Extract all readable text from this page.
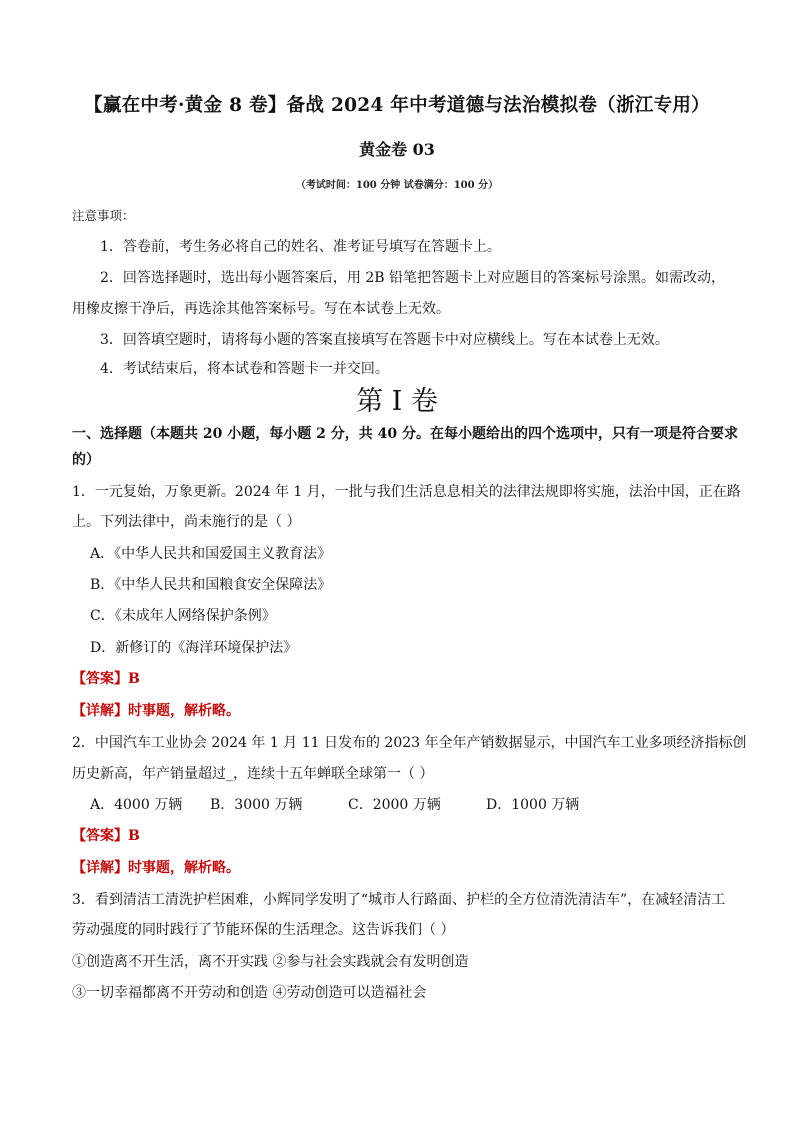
【赢在中考·黄金 8 卷】备战 2024 年中考道德与法治模拟卷（浙江专用）
黄金卷 03
（考试时间：100 分钟 试卷满分：100 分）
注意事项：
1．答卷前，考生务必将自己的姓名、准考证号填写在答题卡上。
2．回答选择题时，选出每小题答案后，用 2B 铅笔把答题卡上对应题目的答案标号涂黑。如需改动，
用橡皮擦干净后，再选涂其他答案标号。写在本试卷上无效。
3．回答填空题时，请将每小题的答案直接填写在答题卡中对应横线上。写在本试卷上无效。
4．考试结束后，将本试卷和答题卡一并交回。
第 I 卷
一、选择题（本题共 20 小题，每小题 2 分，共 40 分。在每小题给出的四个选项中，只有一项是符合要求
的）
1．一元复始，万象更新。2024 年 1 月，一批与我们生活息息相关的法律法规即将实施，法治中国，正在路
上。下列法律中，尚未施行的是（ ）
A．《中华人民共和国爱国主义教育法》
B．《中华人民共和国粮食安全保障法》
C．《未成年人网络保护条例》
D．新修订的《海洋环境保护法》
【答案】B
【详解】时事题，解析略。
2．中国汽车工业协会 2024 年 1 月 11 日发布的 2023 年全年产销数据显示，中国汽车工业多项经济指标创
历史新高，年产销量超过_，连续十五年蝉联全球第一（ ）
A．4000 万辆 B．3000 万辆	C．2000 万辆	D．1000 万辆
【答案】B
【详解】时事题，解析略。
3．看到清洁工清洗护栏困难，小辉同学发明了“城市人行路面、护栏的全方位清洗清洁车”，在减轻清洁工
劳动强度的同时践行了节能环保的生活理念。这告诉我们（ ）
①创造离不开生活，离不开实践 ②参与社会实践就会有发明创造
③一切幸福都离不开劳动和创造 ④劳动创造可以造福社会
